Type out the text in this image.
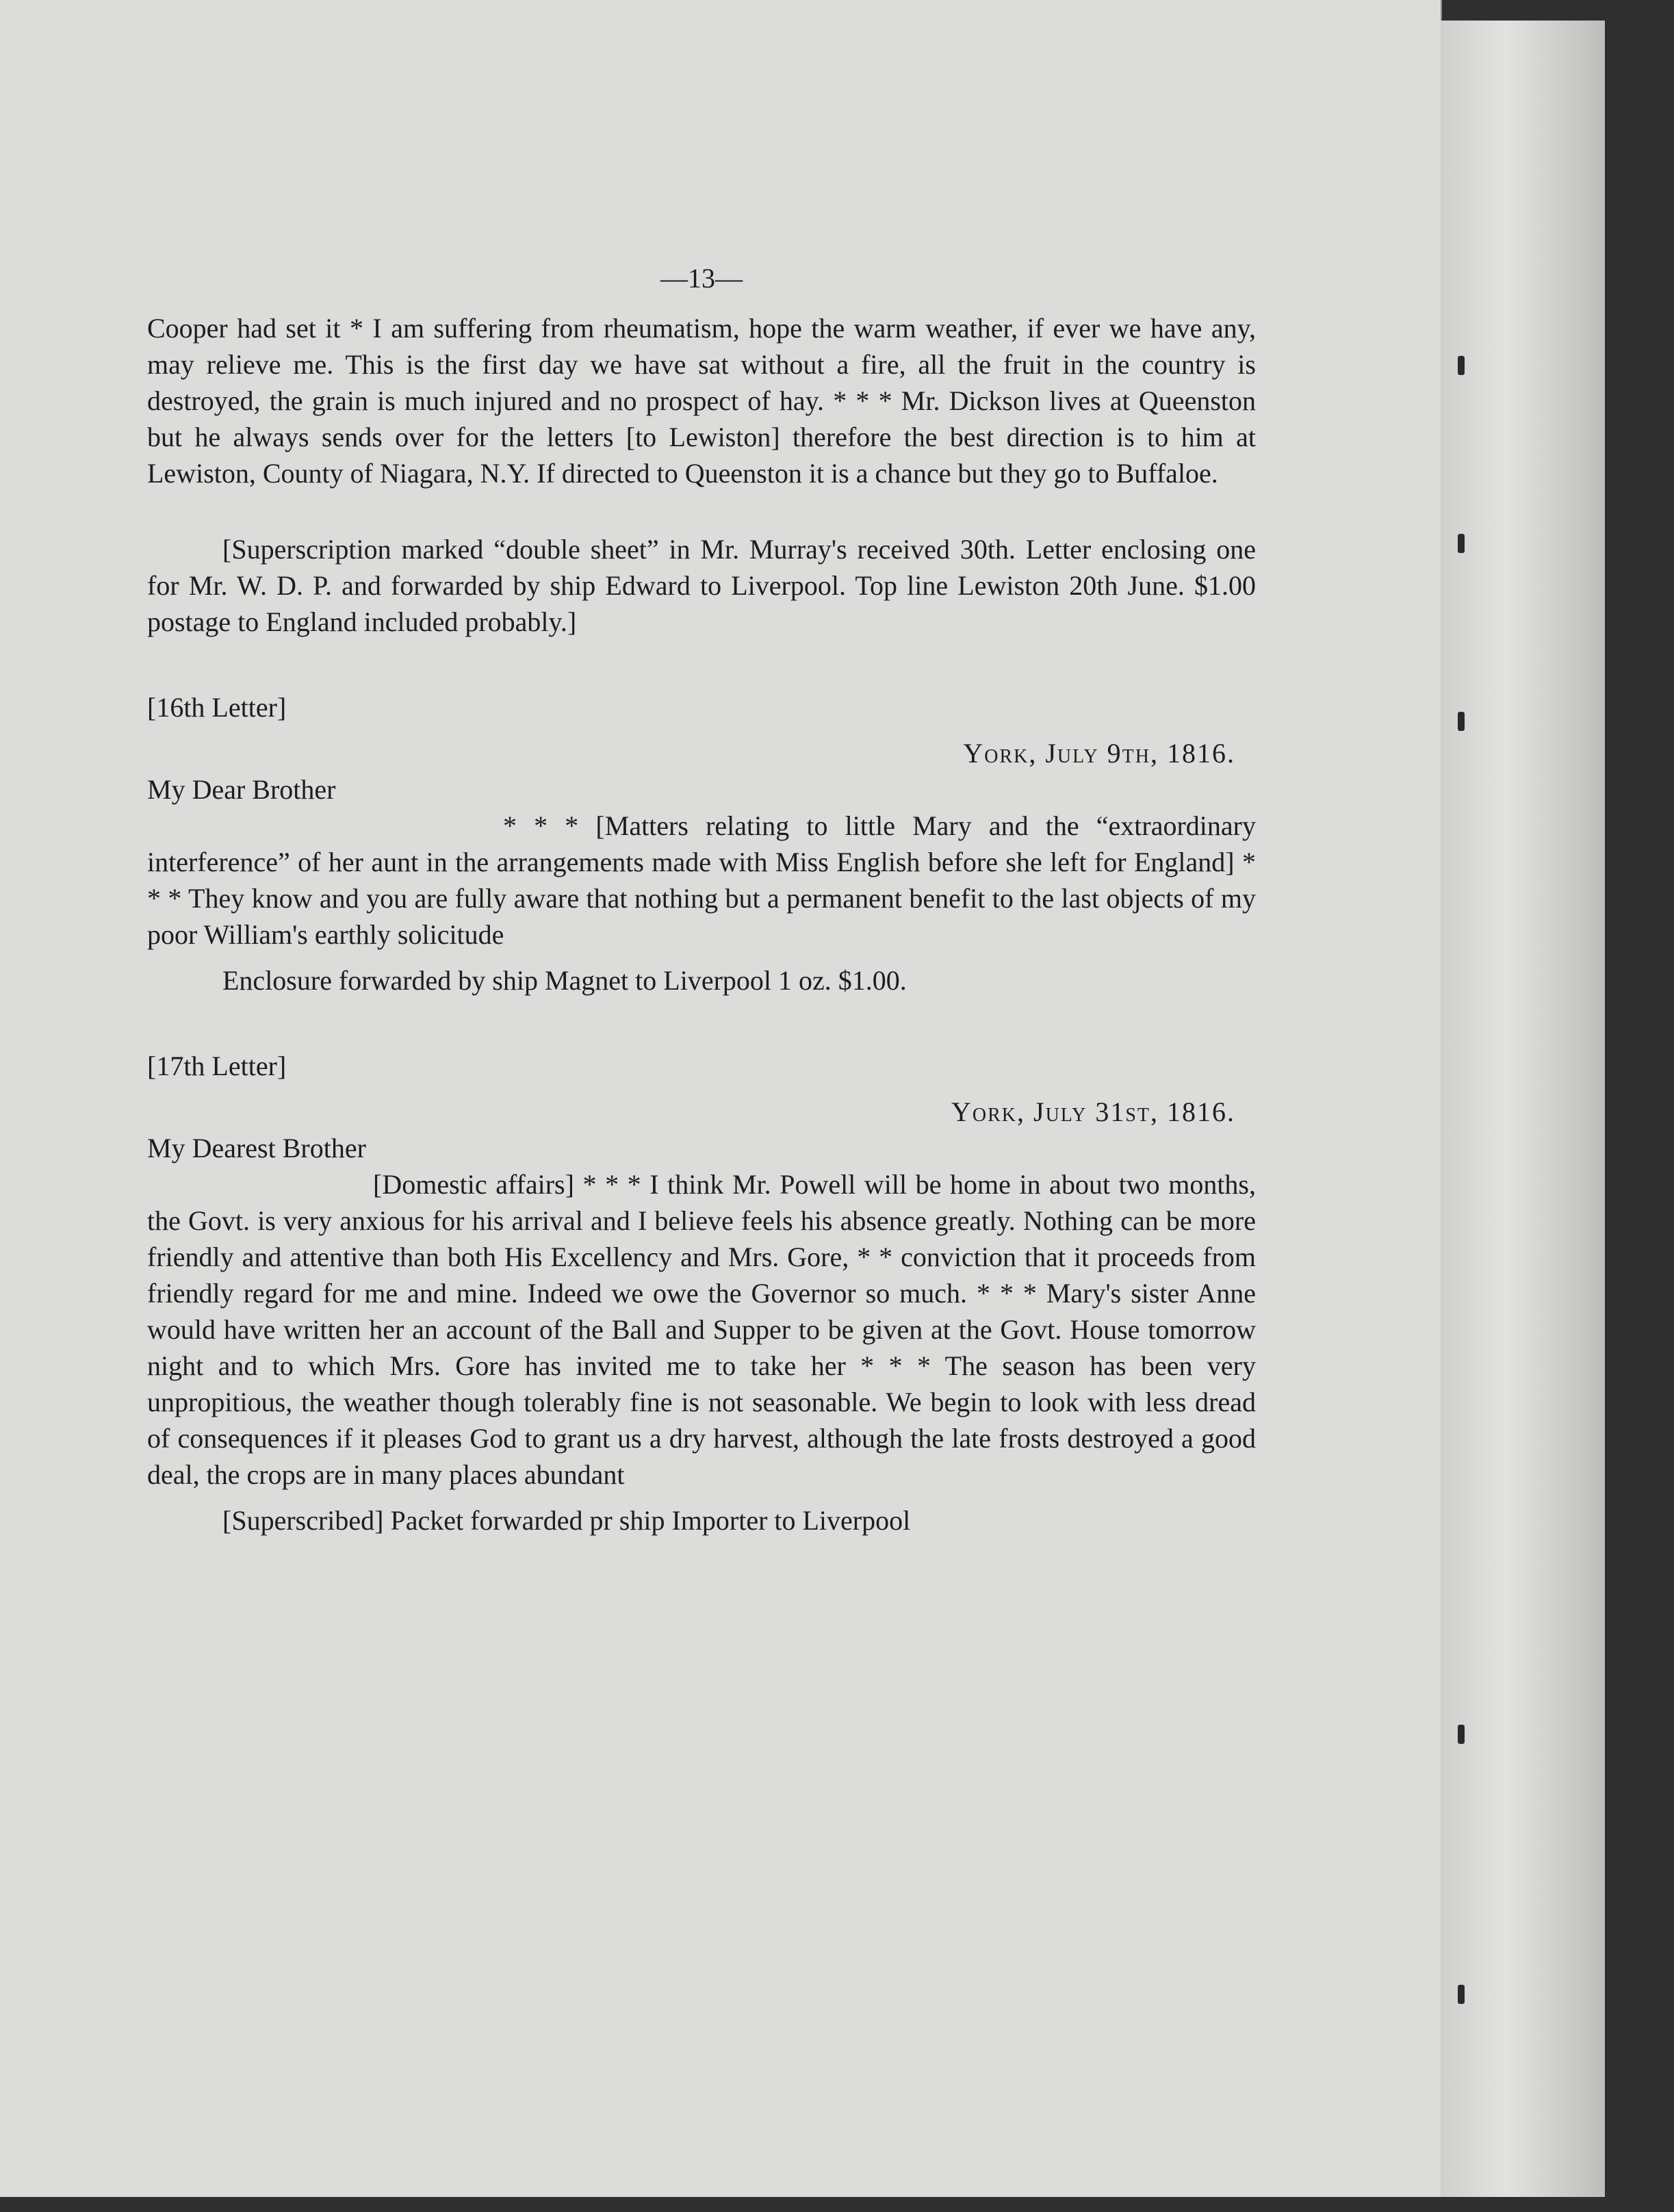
—13—

Cooper had set it * I am suffering from rheumatism, hope the warm weather, if ever we have any, may relieve me. This is the first day we have sat without a fire, all the fruit in the country is destroyed, the grain is much injured and no prospect of hay. * * * Mr. Dickson lives at Queenston but he always sends over for the letters [to Lewiston] therefore the best direction is to him at Lewiston, County of Niagara, N.Y. If directed to Queenston it is a chance but they go to Buffaloe.

[Superscription marked “double sheet” in Mr. Murray's received 30th. Letter enclosing one for Mr. W. D. P. and forwarded by ship Edward to Liverpool. Top line Lewiston 20th June. $1.00 postage to England included probably.]

[16th Letter]
York, July 9th, 1816.
My Dear Brother

* * * [Matters relating to little Mary and the “extraordinary interference” of her aunt in the arrangements made with Miss English before she left for England] * * * They know and you are fully aware that nothing but a permanent benefit to the last objects of my poor William's earthly solicitude

Enclosure forwarded by ship Magnet to Liverpool 1 oz. $1.00.

[17th Letter]
York, July 31st, 1816.
My Dearest Brother

[Domestic affairs] * * * I think Mr. Powell will be home in about two months, the Govt. is very anxious for his arrival and I believe feels his absence greatly. Nothing can be more friendly and attentive than both His Excellency and Mrs. Gore, * * conviction that it proceeds from friendly regard for me and mine. Indeed we owe the Governor so much. * * * Mary's sister Anne would have written her an account of the Ball and Supper to be given at the Govt. House tomorrow night and to which Mrs. Gore has invited me to take her * * * The season has been very unpropitious, the weather though tolerably fine is not seasonable. We begin to look with less dread of consequences if it pleases God to grant us a dry harvest, although the late frosts destroyed a good deal, the crops are in many places abundant

[Superscribed] Packet forwarded pr ship Importer to Liverpool
